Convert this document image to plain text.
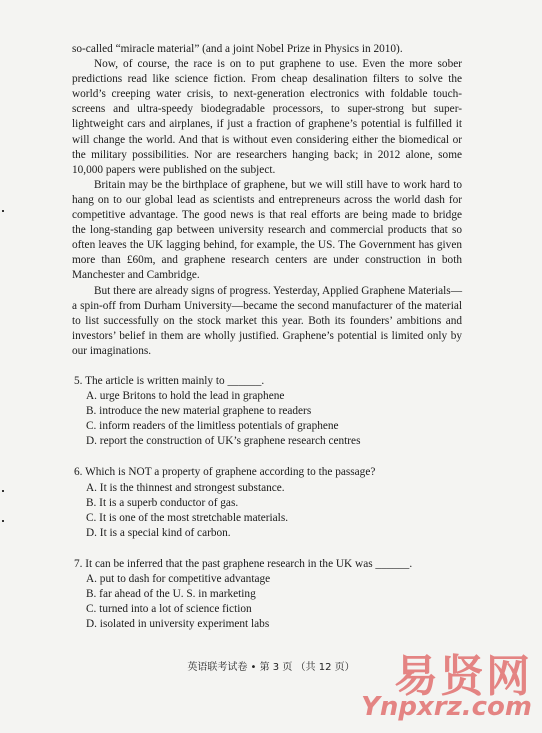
so-called “miracle material” (and a joint Nobel Prize in Physics in 2010).

Now, of course, the race is on to put graphene to use. Even the more sober predictions read like science fiction. From cheap desalination filters to solve the world’s creeping water crisis, to next-generation electronics with foldable touch-screens and ultra-speedy biodegradable processors, to super-strong but super-lightweight cars and airplanes, if just a fraction of graphene’s potential is fulfilled it will change the world. And that is without even considering either the biomedical or the military possibilities. Nor are researchers hanging back; in 2012 alone, some 10,000 papers were published on the subject.

Britain may be the birthplace of graphene, but we will still have to work hard to hang on to our global lead as scientists and entrepreneurs across the world dash for competitive advantage. The good news is that real efforts are being made to bridge the long-standing gap between university research and commercial products that so often leaves the UK lagging behind, for example, the US. The Government has given more than £60m, and graphene research centers are under construction in both Manchester and Cambridge.

But there are already signs of progress. Yesterday, Applied Graphene Materials—a spin-off from Durham University—became the second manufacturer of the material to list successfully on the stock market this year. Both its founders’ ambitions and investors’ belief in them are wholly justified. Graphene’s potential is limited only by our imaginations.

5. The article is written mainly to ______.
A. urge Britons to hold the lead in graphene
B. introduce the new material graphene to readers
C. inform readers of the limitless potentials of graphene
D. report the construction of UK’s graphene research centres
6. Which is NOT a property of graphene according to the passage?
A. It is the thinnest and strongest substance.
B. It is a superb conductor of gas.
C. It is one of the most stretchable materials.
D. It is a special kind of carbon.
7. It can be inferred that the past graphene research in the UK was ______.
A. put to dash for competitive advantage
B. far ahead of the U. S. in marketing
C. turned into a lot of science fiction
D. isolated in university experiment labs
英语联考试卷 • 第 3 页 （共 12 页） 易贤网
Ynpxrz.com
